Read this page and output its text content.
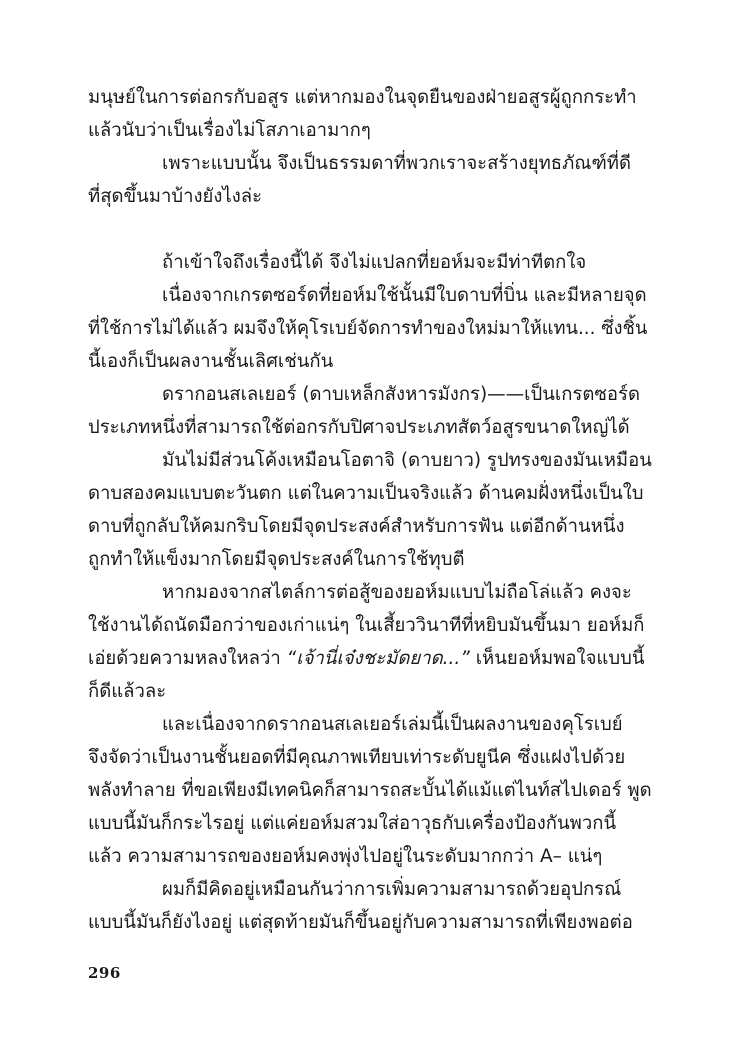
มนุษย์ในการต่อกรกับอสูร แต่หากมองในจุดยืนของฝ่ายอสูรผู้ถูกกระทำ
แล้วนับว่าเป็นเรื่องไม่โสภาเอามากๆ
เพราะแบบนั้น จึงเป็นธรรมดาที่พวกเราจะสร้างยุทธภัณฑ์ที่ดี
ที่สุดขึ้นมาบ้างยังไงล่ะ
ถ้าเข้าใจถึงเรื่องนี้ได้ จึงไม่แปลกที่ยอห์มจะมีท่าทีตกใจ
เนื่องจากเกรตซอร์ดที่ยอห์มใช้นั้นมีใบดาบที่บิ่น และมีหลายจุด
ที่ใช้การไม่ได้แล้ว ผมจึงให้คุโรเบย์จัดการทำของใหม่มาให้แทน... ซึ่งชิ้น
นี้เองก็เป็นผลงานชั้นเลิศเช่นกัน
ดรากอนสเลเยอร์ (ดาบเหล็กสังหารมังกร)——เป็นเกรตซอร์ด
ประเภทหนึ่งที่สามารถใช้ต่อกรกับปิศาจประเภทสัตว์อสูรขนาดใหญ่ได้
มันไม่มีส่วนโค้งเหมือนโอตาจิ (ดาบยาว) รูปทรงของมันเหมือน
ดาบสองคมแบบตะวันตก แต่ในความเป็นจริงแล้ว ด้านคมฝั่งหนึ่งเป็นใบ
ดาบที่ถูกลับให้คมกริบโดยมีจุดประสงค์สำหรับการฟัน แต่อีกด้านหนึ่ง
ถูกทำให้แข็งมากโดยมีจุดประสงค์ในการใช้ทุบตี
หากมองจากสไตล์การต่อสู้ของยอห์มแบบไม่ถือโล่แล้ว คงจะ
ใช้งานได้ถนัดมือกว่าของเก่าแน่ๆ ในเสี้ยววินาทีที่หยิบมันขึ้นมา ยอห์มก็
เอ่ยด้วยความหลงใหลว่า “เจ้านี่เจ๋งชะมัดยาด...” เห็นยอห์มพอใจแบบนี้
ก็ดีแล้วละ
และเนื่องจากดรากอนสเลเยอร์เล่มนี้เป็นผลงานของคุโรเบย์
จึงจัดว่าเป็นงานชั้นยอดที่มีคุณภาพเทียบเท่าระดับยูนีค ซึ่งแฝงไปด้วย
พลังทำลาย ที่ขอเพียงมีเทคนิคก็สามารถสะบั้นได้แม้แต่ไนท์สไปเดอร์ พูด
แบบนี้มันก็กระไรอยู่ แต่แค่ยอห์มสวมใส่อาวุธกับเครื่องป้องกันพวกนี้
แล้ว ความสามารถของยอห์มคงพุ่งไปอยู่ในระดับมากกว่า A– แน่ๆ
ผมก็มีคิดอยู่เหมือนกันว่าการเพิ่มความสามารถด้วยอุปกรณ์
แบบนี้มันก็ยังไงอยู่ แต่สุดท้ายมันก็ขึ้นอยู่กับความสามารถที่เพียงพอต่อ
296
